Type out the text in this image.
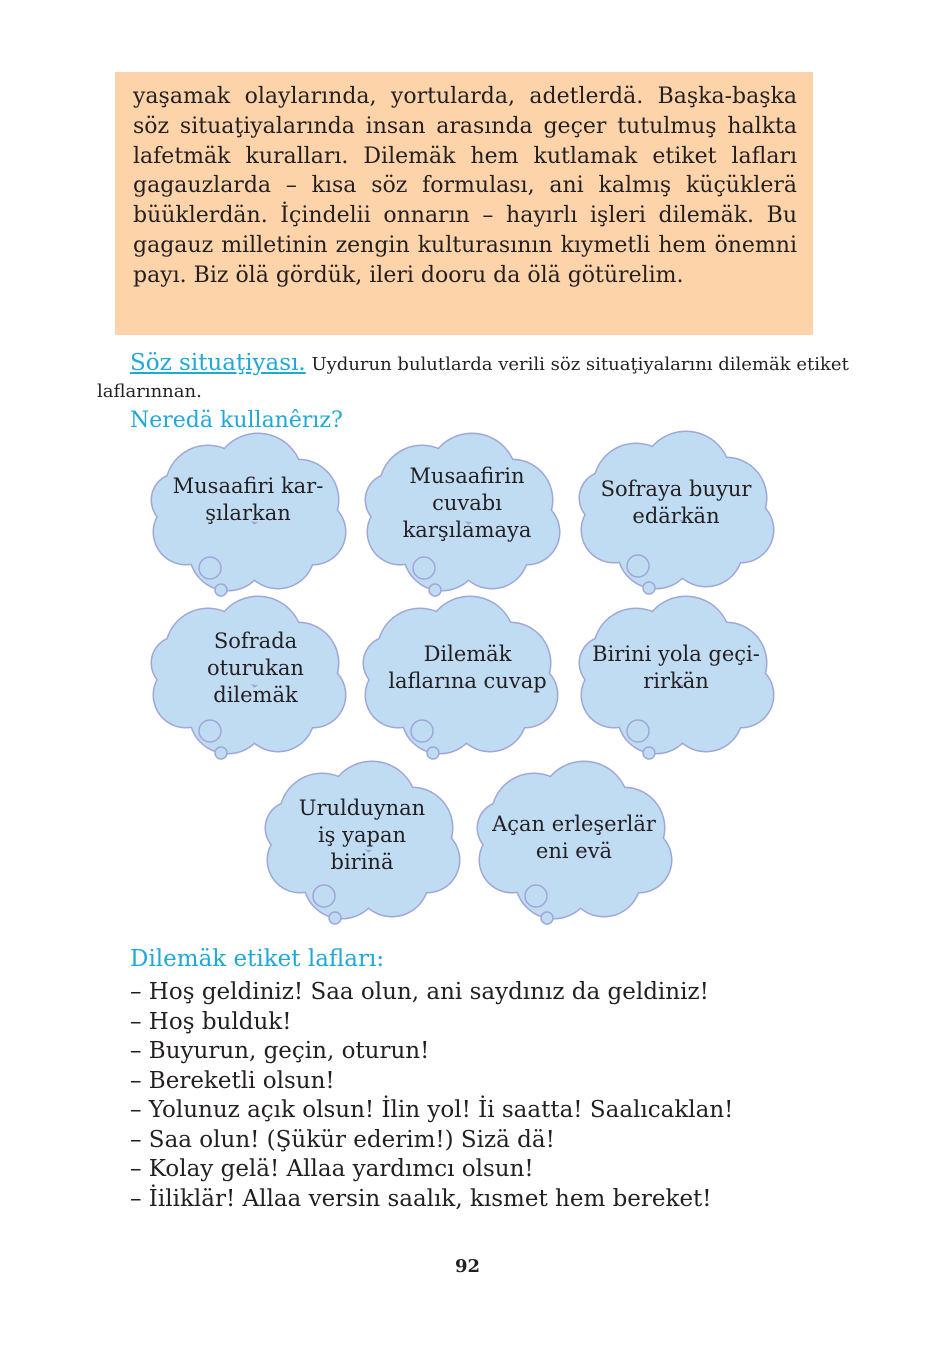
yaşamak olaylarında, yortularda, adetlerdä. Başka-başka söz situaţiyalarında insan arasında geçer tutulmuş halkta lafetmäk kuralları. Dilemäk hem kutlamak etiket lafları gagauzlarda – kısa söz formulası, ani kalmış küçüklerä büüklerdän. İçindelii onnarın – hayırlı işleri dilemäk. Bu gagauz milletinin zengin kulturasının kıymetli hem önemni payı. Biz ölä gördük, ileri dooru da ölä götürelim.

Söz situaţiyası. Uydurun bulutlarda verili söz situaţiyalarını dilemäk etiket laflarınnan.
Neredä kullanêrız?
Musaafiri kar-
şılarkan
Musaafirin
cuvabı
karşılamaya
Sofraya buyur
edärkän
Sofrada
oturukan
dilemäk
Dilemäk
laflarına cuvap
Birini yola geçi-
rirkän
Urulduynan
iş yapan
birinä
Açan erleşerlär
eni evä
Dilemäk etiket lafları:
– Hoş geldiniz! Saa olun, ani saydınız da geldiniz!
– Hoş bulduk!
– Buyurun, geçin, oturun!
– Bereketli olsun!
– Yolunuz açık olsun! İlin yol! İi saatta! Saalıcaklan!
– Saa olun! (Şükür ederim!) Sizä dä!
– Kolay gelä! Allaa yardımcı olsun!
– İiliklär! Allaa versin saalık, kısmet hem bereket!
92
